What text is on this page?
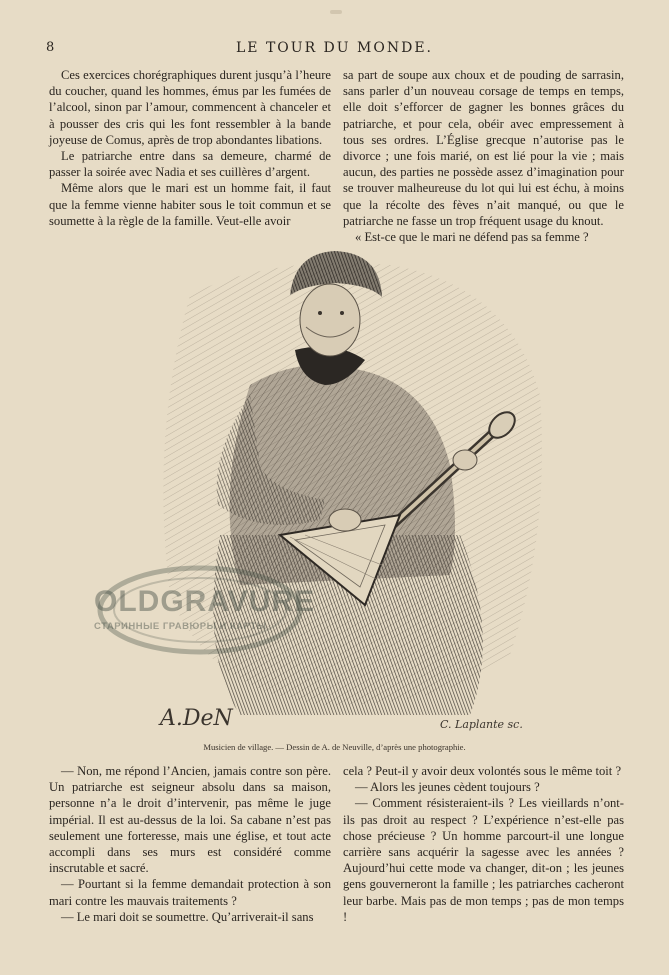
8	LE TOUR DU MONDE.

Ces exercices chorégraphiques durent jusqu’à l’heure du coucher, quand les hommes, émus par les fumées de l’alcool, sinon par l’amour, commencent à chanceler et à pousser des cris qui les font ressembler à la bande joyeuse de Comus, après de trop abondantes libations.

Le patriarche entre dans sa demeure, charmé de passer la soirée avec Nadia et ses cuillères d’argent.

Même alors que le mari est un homme fait, il faut que la femme vienne habiter sous le toit commun et se soumette à la règle de la famille. Veut-elle avoir

sa part de soupe aux choux et de pouding de sarrasin, sans parler d’un nouveau corsage de temps en temps, elle doit s’efforcer de gagner les bonnes grâces du patriarche, et pour cela, obéir avec empressement à tous ses ordres. L’Église grecque n’autorise pas le divorce ; une fois marié, on est lié pour la vie ; mais aucun, des parties ne possède assez d’imagination pour se trouver malheureuse du lot qui lui est échu, à moins que la récolte des fèves n’ait manqué, ou que le patriarche ne fasse un trop fréquent usage du knout.

« Est-ce que le mari ne défend pas sa femme ?

A.DeN	C. Laplante sc.
OLDGRAVURE
СТАРИННЫЕ ГРАВЮРЫ И КАРТЫ
Musicien de village. — Dessin de A. de Neuville, d’après une photographie.

— Non, me répond l’Ancien, jamais contre son père. Un patriarche est seigneur absolu dans sa maison, personne n’a le droit d’intervenir, pas même le juge impérial. Il est au-dessus de la loi. Sa cabane n’est pas seulement une forteresse, mais une église, et tout acte accompli dans ses murs est considéré comme inscrutable et sacré.

— Pourtant si la femme demandait protection à son mari contre les mauvais traitements ?

— Le mari doit se soumettre. Qu’arriverait-il sans

cela ? Peut-il y avoir deux volontés sous le même toit ?

— Alors les jeunes cèdent toujours ?

— Comment résisteraient-ils ? Les vieillards n’ont-ils pas droit au respect ? L’expérience n’est-elle pas chose précieuse ? Un homme parcourt-il une longue carrière sans acquérir la sagesse avec les années ? Aujourd’hui cette mode va changer, dit-on ; les jeunes gens gouverneront la famille ; les patriarches cacheront leur barbe. Mais pas de mon temps ; pas de mon temps !
